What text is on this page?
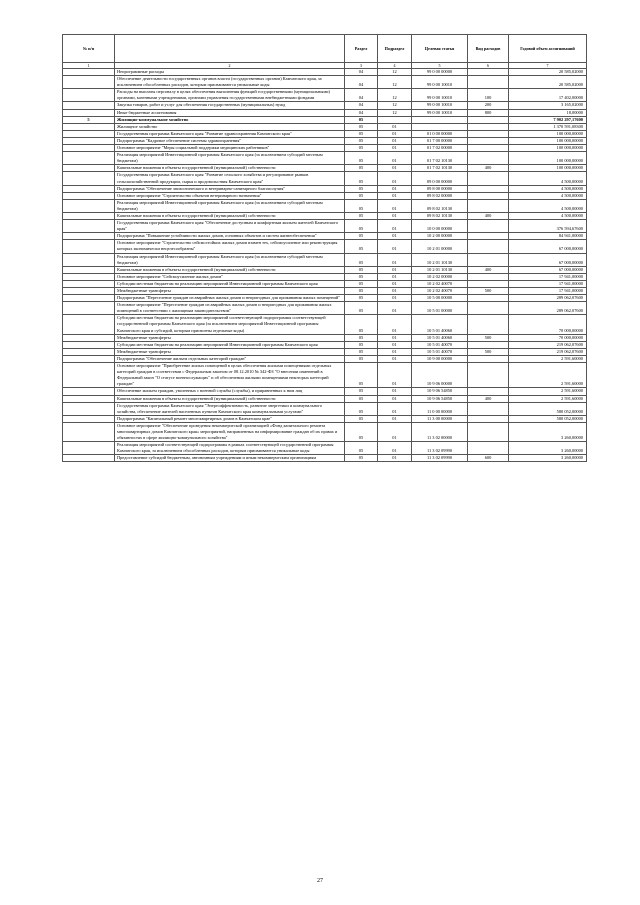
№ п/п		Раздел	Подраздел	Целевая статья	Вид расходов	Годовой объем ассигнований
1	2	3	4	5	6	7
	Непрограммные расходы	04	12	99 0 00 00000		20 585,02000
	Обеспечение деятельности государственных органов власти (государственных органов) Камчатского края, за исключением обособленных расходов, которым присваиваются уникальные коды	04	12	99 0 00 10010		20 585,02000
	Расходы на выплаты персоналу в целях обеспечения выполнения функций государственными (муниципальными) органами, казенными учреждениями, органами управления государственными внебюджетными фондами	04	12	99 0 00 10010	100	17 402,00000
	Закупка товаров, работ и услуг для обеспечения государственных (муниципальных) нужд	04	12	99 0 00 10010	200	3 165,02000
	Иные бюджетные ассигнования	04	12	99 0 00 10010	800	18,00000
5	Жилищно-коммунальное хозяйство	05				7 902 297,17600
	Жилищное хозяйство	05	01			1 370 591,08300
	Государственная программа Камчатского края "Развитие здравоохранения Камчатского края"	05	01	01 0 00 00000		100 000,00000
	Подпрограмма "Кадровое обеспечение системы здравоохранения"	05	01	01 7 00 00000		100 000,00000
	Основное мероприятие "Меры социальной поддержки медицинских работников"	05	01	01 7 02 00000		100 000,00000
	Реализация мероприятий Инвестиционной программы Камчатского края (за исключением субсидий местным бюджетам)	05	01	01 7 02 10130		100 000,00000
	Капитальные вложения в объекты государственной (муниципальной) собственности	05	01	01 7 02 10130	400	100 000,00000
	Государственная программа Камчатского края "Развитие сельского хозяйства и регулирование рынков сельскохозяйственной продукции, сырья и продовольствия Камчатского края"	05	01	09 0 00 00000		4 500,00000
	Подпрограмма "Обеспечение эпизоотического и ветеринарно-санитарного благополучия"	05	01	09 8 00 00000		4 500,00000
	Основное мероприятие "Строительство объектов ветеринарного назначения"	05	01	09 8 02 00000		4 500,00000
	Реализация мероприятий Инвестиционной программы Камчатского края (за исключением субсидий местным бюджетам)	05	01	09 8 02 10130		4 500,00000
	Капитальные вложения в объекты государственной (муниципальной) собственности	05	01	09 8 02 10130	400	4 500,00000
	Государственная программа Камчатского края "Обеспечение доступным и комфортным жильем жителей Камчатского края"	05	01	10 0 00 00000		376 594,67600
	Подпрограмма "Повышение устойчивости жилых домов, основных объектов и систем жизнеобеспечения"	05	01	10 2 00 00000		84 941,00000
	Основное мероприятие "Строительство сейсмостойких жилых домов взамен тех, сейсмоусиление или реконструкция которых экономически нецелесообразны"	05	01	10 2 01 00000		67 000,00000
	Реализация мероприятий Инвестиционной программы Камчатского края (за исключением субсидий местным бюджетам)	05	01	10 2 01 10130		67 000,00000
	Капитальные вложения в объекты государственной (муниципальной) собственности	05	01	10 2 01 10130	400	67 000,00000
	Основное мероприятие "Сейсмоусиление жилых домов"	05	01	10 2 02 00000		17 941,00000
	Субсидии местным бюджетам на реализацию мероприятий Инвестиционной программы Камчатского края	05	01	10 2 02 40070		17 941,00000
	Межбюджетные трансферты	05	01	10 2 02 40070	500	17 941,00000
	Подпрограмма "Переселение граждан из аварийных жилых домов и непригодных для проживания жилых помещений"	05	01	10 5 00 00000		289 062,07600
	Основное мероприятие "Переселение граждан из аварийных жилых домов и непригодных для проживания жилых помещений в соответствии с жилищным законодательством"	05	01	10 5 01 00000		289 062,07600
	Субсидии местным бюджетам на реализацию мероприятий соответствующей подпрограммы соответствующей государственной программы Камчатского края (за исключением мероприятий Инвестиционной программы Камчатского края и субсидий, которым присвоены отдельные коды)	05	01	10 5 01 40060		70 000,00000
	Межбюджетные трансферты	05	01	10 5 01 40060	500	70 000,00000
	Субсидии местным бюджетам на реализацию мероприятий Инвестиционной программы Камчатского края	05	01	10 5 01 40070		219 062,07600
	Межбюджетные трансферты	05	01	10 5 01 40070	500	219 062,07600
	Подпрограмма "Обеспечение жильем отдельных категорий граждан"	05	01	10 9 00 00000		2 591,60000
	Основное мероприятие "Приобретение жилых помещений в целях обеспечения жилыми помещениями отдельных категорий граждан в соответствии с Федеральным законом от 08.12.2010 № 342-ФЗ "О внесении изменений в Федеральный закон "О статусе военнослужащих" и об обеспечении жилыми помещениями некоторых категорий граждан"	05	01	10 9 06 00000		2 591,60000
	Обеспечение жильем граждан, уволенных с военной службы (службы), и приравненных к ним лиц	05	01	10 9 06 54850		2 591,60000
	Капитальные вложения в объекты государственной (муниципальной) собственности	05	01	10 9 06 54850	400	2 591,60000
	Государственная программа Камчатского края "Энергоэффективность, развитие энергетики и коммунального хозяйства, обеспечение жителей населенных пунктов Камчатского края коммунальными услугами"	05	01	11 0 00 00000		580 052,00000
	Подпрограмма "Капитальный ремонт многоквартирных домов в Камчатском крае"	05	01	11 3 00 00000		580 052,00000
	Основное мероприятие "Обеспечение проведения некоммерческой организацией «Фонд капитального ремонта многоквартирных домов Камчатского края» мероприятий, направленных на информирование граждан об их правах и обязанностях в сфере жилищно-коммунального хозяйства"	05	01	11 3 02 00000		3 260,00000
	Реализация мероприятий соответствующей подпрограммы в рамках соответствующей государственной программы Камчатского края, за исключением обособленных расходов, которым присваиваются уникальные коды	05	01	11 3 02 09990		3 260,00000
	Предоставление субсидий бюджетным, автономным учреждениям и иным некоммерческим организациям	05	01	11 3 02 09990	600	3 260,00000
27
